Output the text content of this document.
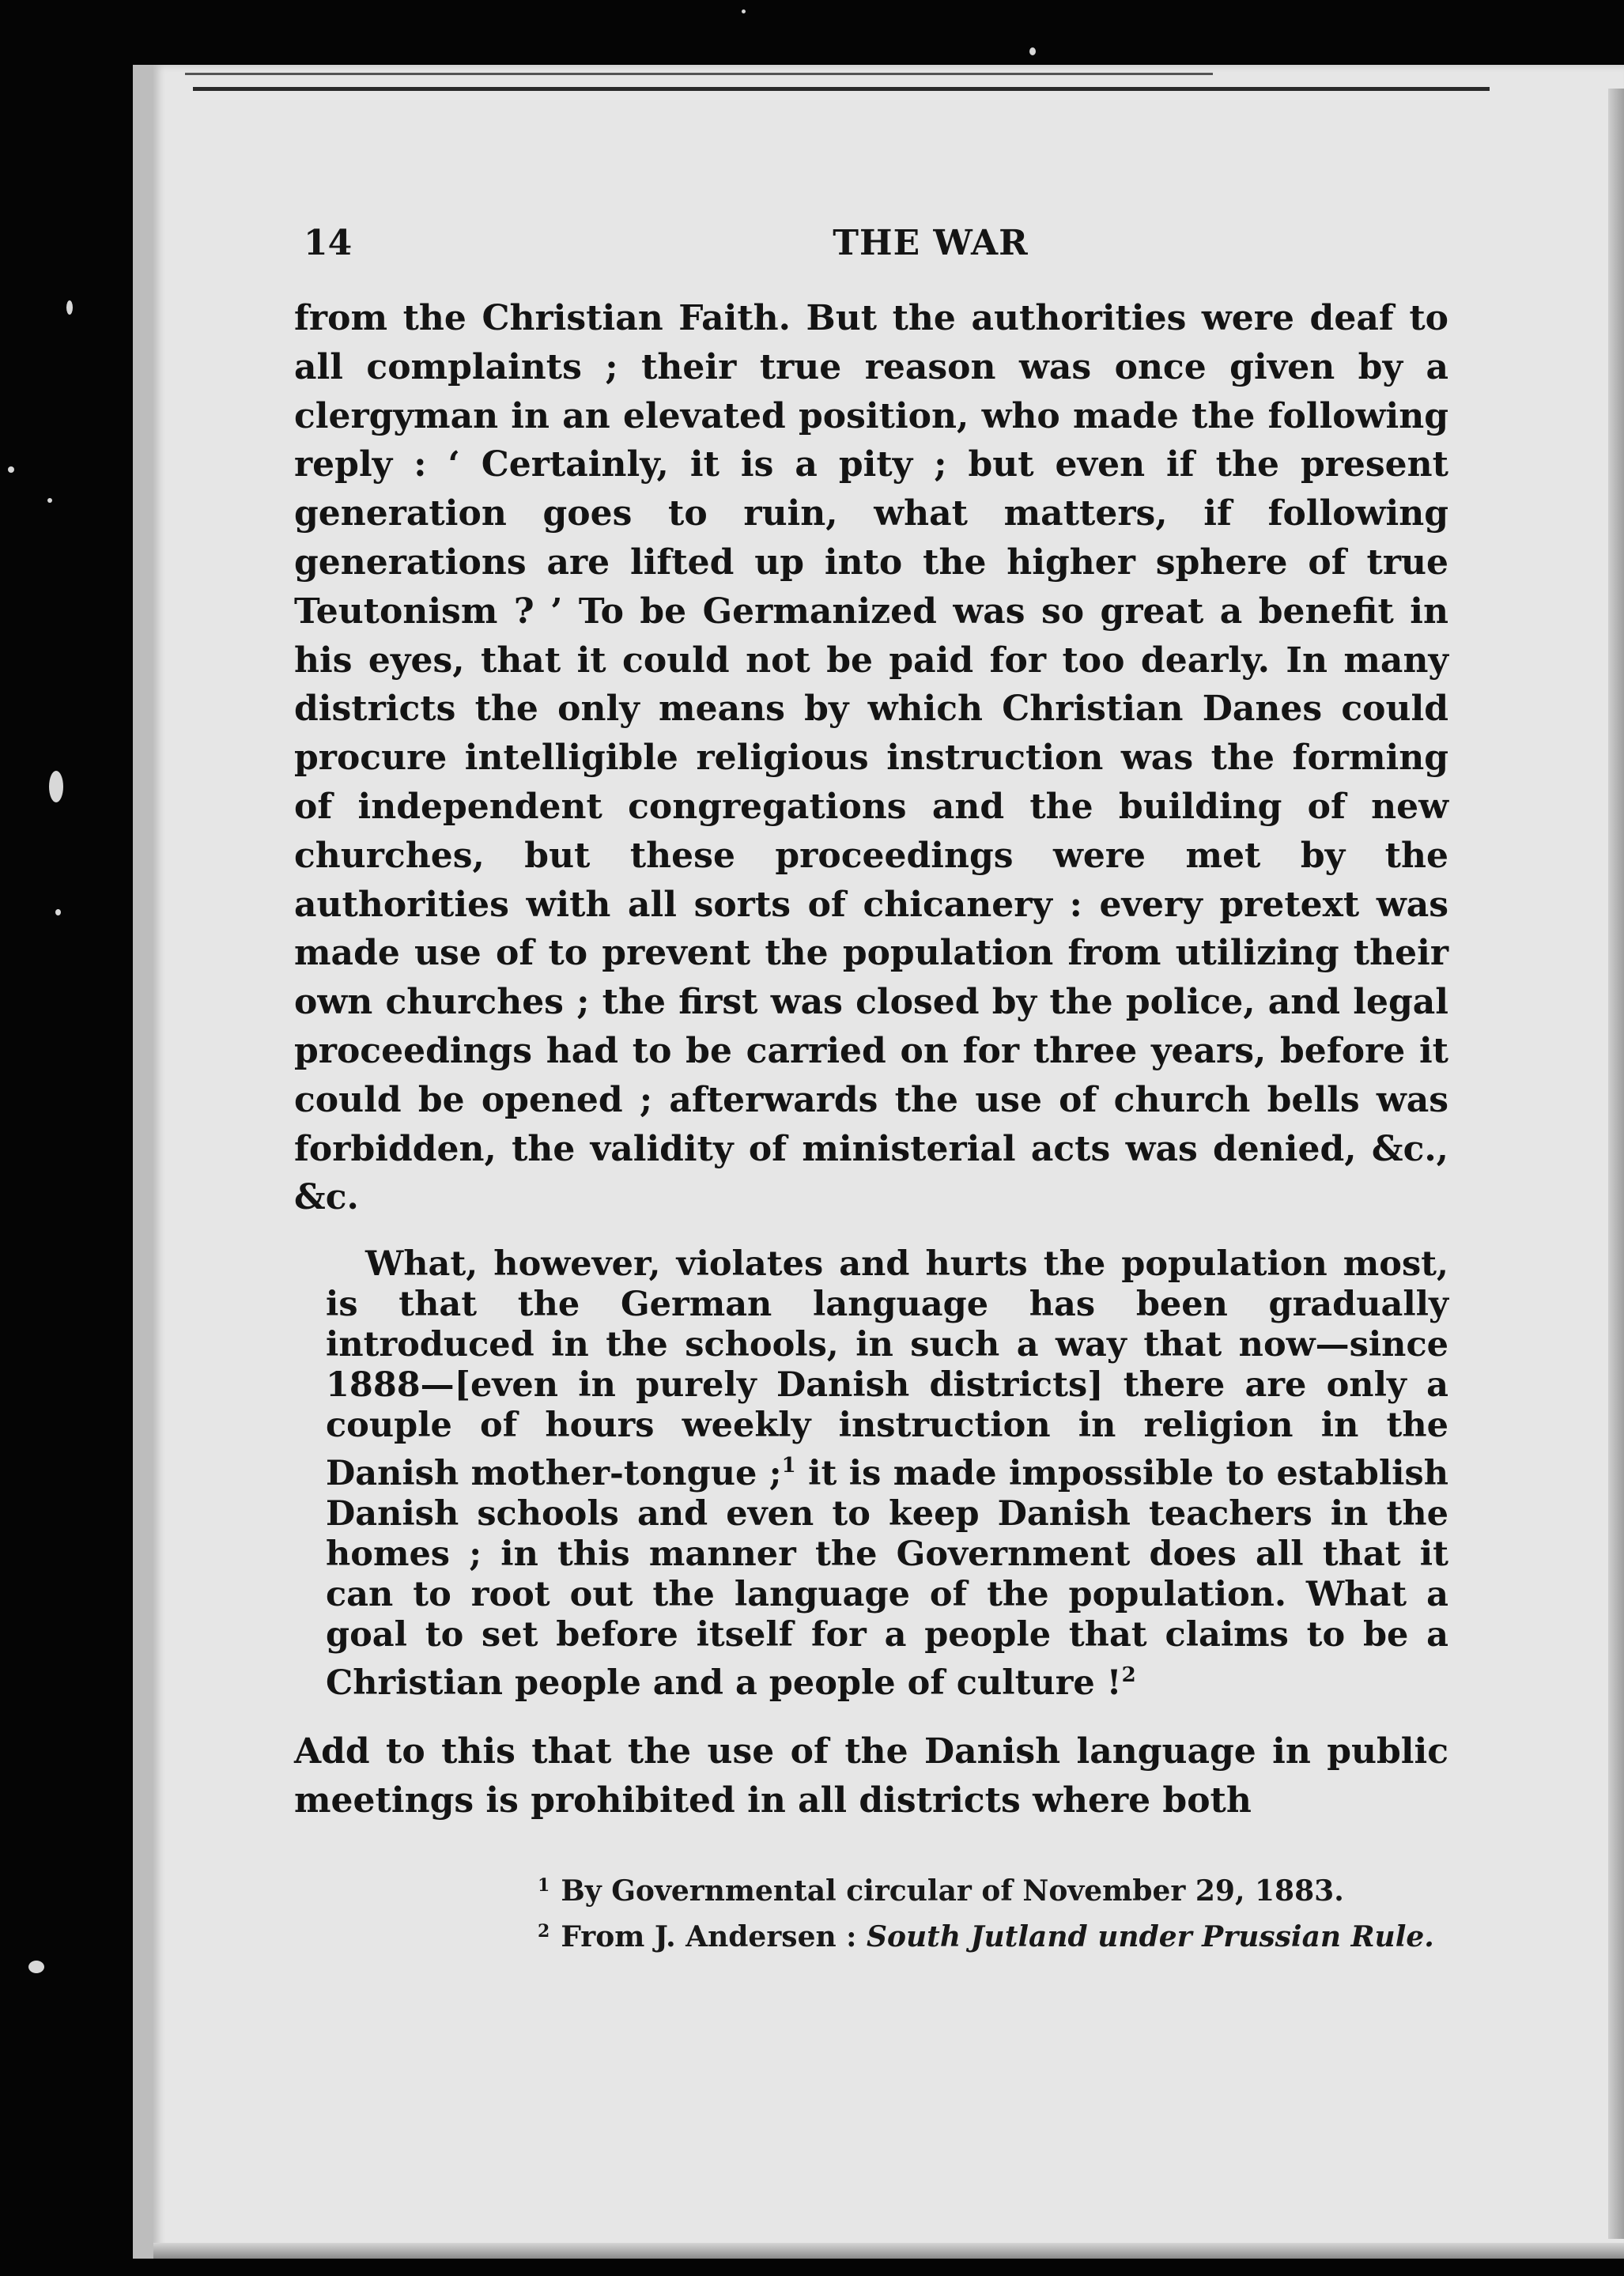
14	THE WAR

from the Christian Faith. But the authorities were deaf to all complaints ; their true reason was once given by a clergyman in an elevated position, who made the following reply : ‘ Certainly, it is a pity ; but even if the present generation goes to ruin, what matters, if following generations are lifted up into the higher sphere of true Teutonism ? ’ To be Germanized was so great a benefit in his eyes, that it could not be paid for too dearly. In many districts the only means by which Christian Danes could procure intelligible religious instruction was the forming of independent congregations and the building of new churches, but these proceedings were met by the authorities with all sorts of chicanery : every pretext was made use of to prevent the population from utilizing their own churches ; the first was closed by the police, and legal proceedings had to be carried on for three years, before it could be opened ; afterwards the use of church bells was forbidden, the validity of ministerial acts was denied, &c., &c.

What, however, violates and hurts the population most, is that the German language has been gradually introduced in the schools, in such a way that now—since 1888—[even in purely Danish districts] there are only a couple of hours weekly instruction in religion in the Danish mother-tongue ;$^1$ it is made impossible to establish Danish schools and even to keep Danish teachers in the homes ; in this manner the Government does all that it can to root out the language of the population. What a goal to set before itself for a people that claims to be a Christian people and a people of culture !$^2$

Add to this that the use of the Danish language in public meetings is prohibited in all districts where both

$^1$ By Governmental circular of November 29, 1883.
$^2$ From J. Andersen : South Jutland under Prussian Rule.
